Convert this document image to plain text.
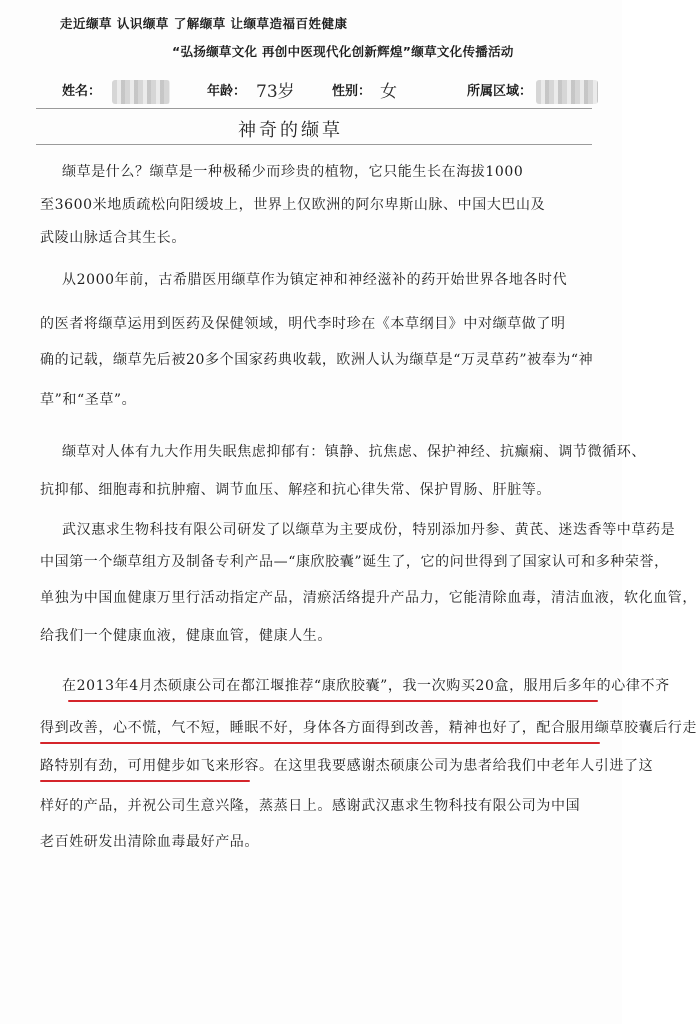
走近缬草 认识缬草 了解缬草 让缬草造福百姓健康
“弘扬缬草文化 再创中医现代化创新辉煌”缬草文化传播活动
姓名：	年龄： 73岁	性别： 女	所属区域：
神奇的缬草
缬草是什么？缬草是一种极稀少而珍贵的植物，它只能生长在海拔1000
至3600米地质疏松向阳缓坡上，世界上仅欧洲的阿尔卑斯山脉、中国大巴山及
武陵山脉适合其生长。
从2000年前，古希腊医用缬草作为镇定神和神经滋补的药开始世界各地各时代
的医者将缬草运用到医药及保健领域，明代李时珍在《本草纲目》中对缬草做了明
确的记载，缬草先后被20多个国家药典收载，欧洲人认为缬草是“万灵草药”被奉为“神
草”和“圣草”。
缬草对人体有九大作用失眠焦虑抑郁有：镇静、抗焦虑、保护神经、抗癫痫、调节微循环、
抗抑郁、细胞毒和抗肿瘤、调节血压、解痉和抗心律失常、保护胃肠、肝脏等。
武汉惠求生物科技有限公司研发了以缬草为主要成份，特别添加丹参、黄芪、迷迭香等中草药是
中国第一个缬草组方及制备专利产品—“康欣胶囊”诞生了，它的问世得到了国家认可和多种荣誉，
单独为中国血健康万里行活动指定产品，清瘀活络提升产品力，它能清除血毒，清洁血液，软化血管，
给我们一个健康血液，健康血管，健康人生。
在2013年4月杰硕康公司在都江堰推荐“康欣胶囊”，我一次购买20盒，服用后多年的心律不齐
得到改善，心不慌，气不短，睡眠不好，身体各方面得到改善，精神也好了，配合服用缬草胶囊后行走
路特别有劲，可用健步如飞来形容。在这里我要感谢杰硕康公司为患者给我们中老年人引进了这
样好的产品，并祝公司生意兴隆，蒸蒸日上。感谢武汉惠求生物科技有限公司为中国
老百姓研发出清除血毒最好产品。
